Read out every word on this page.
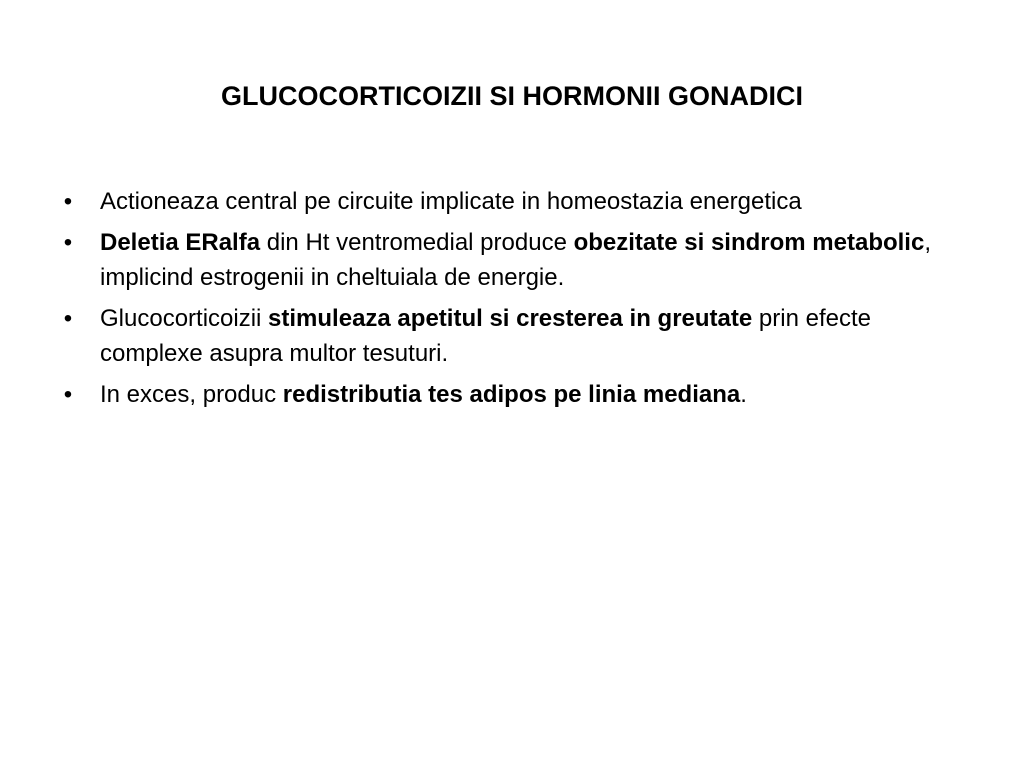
GLUCOCORTICOIZII SI HORMONII GONADICI
•	Actioneaza central pe circuite implicate in homeostazia energetica
•	Deletia ERalfa din Ht ventromedial produce obezitate si sindrom metabolic, implicind estrogenii in cheltuiala de energie.
•	Glucocorticoizii stimuleaza apetitul si cresterea in greutate prin efecte complexe asupra multor tesuturi.
•	In exces, produc redistributia tes adipos pe linia mediana.
